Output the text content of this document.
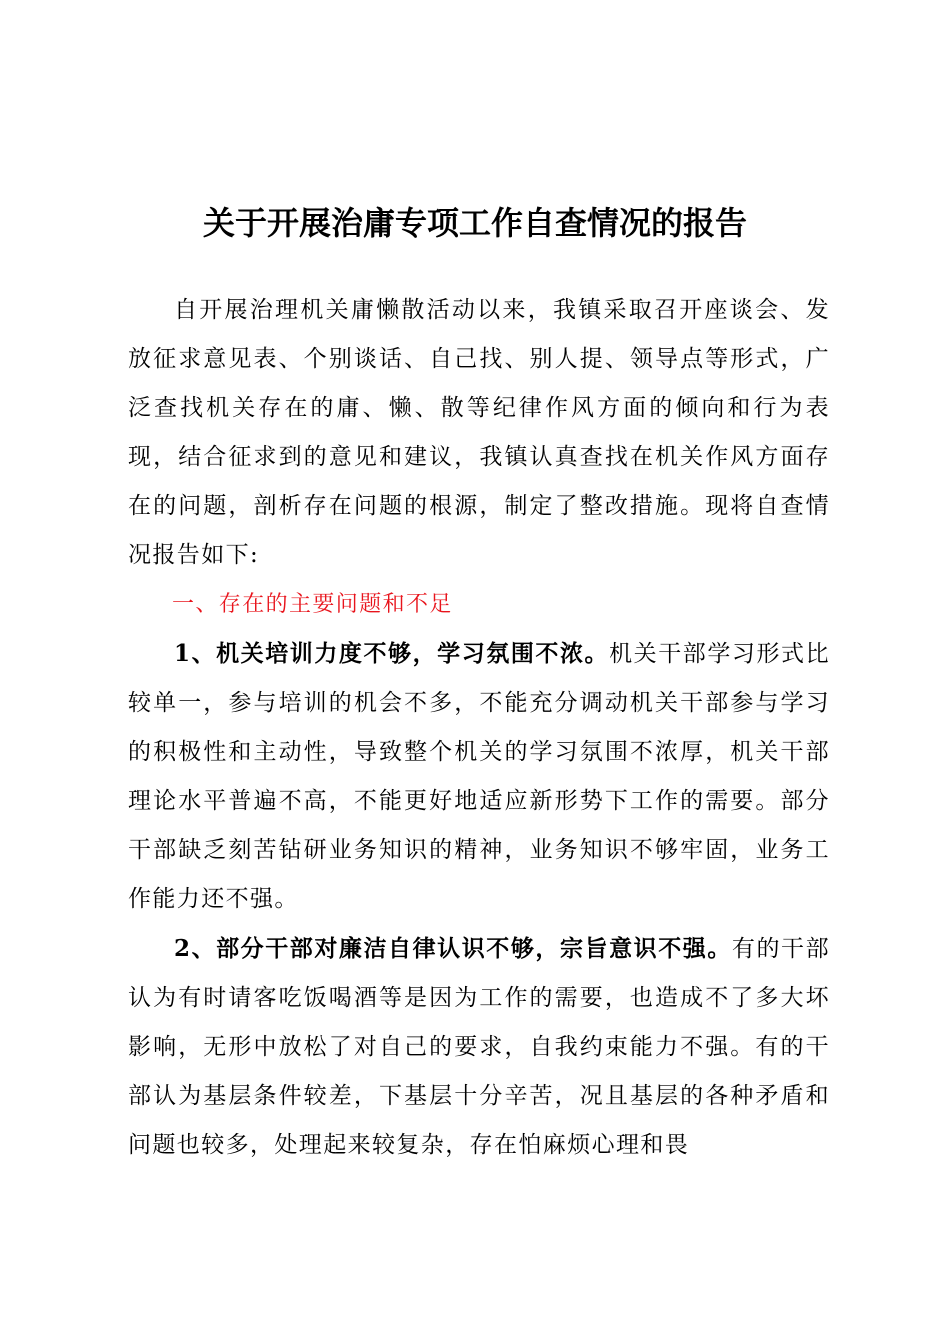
关于开展治庸专项工作自查情况的报告

自开展治理机关庸懒散活动以来，我镇采取召开座谈会、发放征求意见表、个别谈话、自己找、别人提、领导点等形式，广泛查找机关存在的庸、懒、散等纪律作风方面的倾向和行为表现，结合征求到的意见和建议，我镇认真查找在机关作风方面存在的问题，剖析存在问题的根源，制定了整改措施。现将自查情况报告如下:

一、存在的主要问题和不足

1、机关培训力度不够，学习氛围不浓。机关干部学习形式比较单一，参与培训的机会不多，不能充分调动机关干部参与学习的积极性和主动性，导致整个机关的学习氛围不浓厚，机关干部理论水平普遍不高，不能更好地适应新形势下工作的需要。部分干部缺乏刻苦钻研业务知识的精神，业务知识不够牢固，业务工作能力还不强。

2、部分干部对廉洁自律认识不够，宗旨意识不强。有的干部认为有时请客吃饭喝酒等是因为工作的需要，也造成不了多大坏影响，无形中放松了对自己的要求，自我约束能力不强。有的干部认为基层条件较差，下基层十分辛苦，况且基层的各种矛盾和问题也较多，处理起来较复杂，存在怕麻烦心理和畏
